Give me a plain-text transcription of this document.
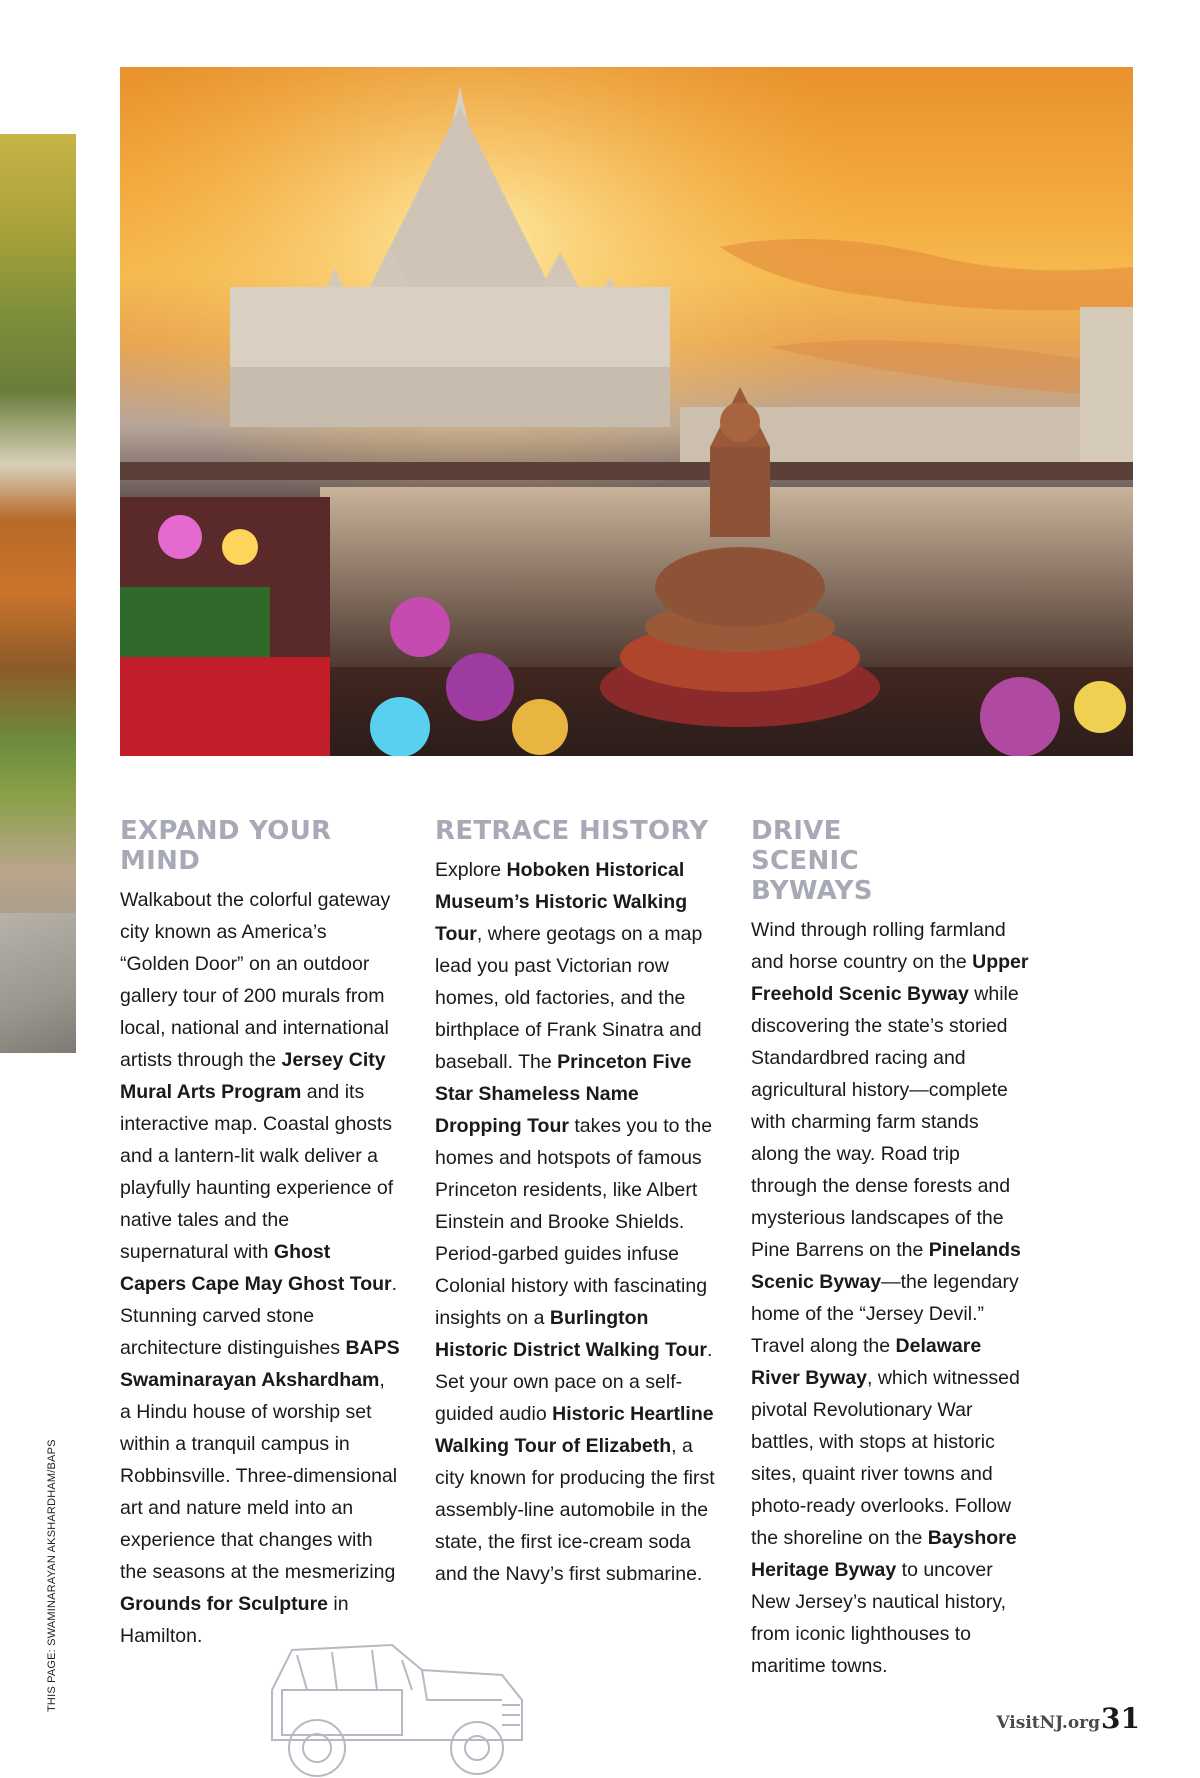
EXPAND YOUR MIND

Walkabout the colorful gateway city known as America’s “Golden Door” on an outdoor gallery tour of 200 murals from local, national and international artists through the Jersey City Mural Arts Program and its interactive map. Coastal ghosts and a lantern-lit walk deliver a playfully haunting experience of native tales and the supernatural with Ghost Capers Cape May Ghost Tour. Stunning carved stone architecture distinguishes BAPS Swaminarayan Akshardham, a Hindu house of worship set within a tranquil campus in Robbinsville. Three-dimensional art and nature meld into an experience that changes with the seasons at the mesmerizing Grounds for Sculpture in Hamilton.

RETRACE HISTORY

Explore Hoboken Historical Museum’s Historic Walking Tour, where geotags on a map lead you past Victorian row homes, old factories, and the birthplace of Frank Sinatra and baseball. The Princeton Five Star Shameless Name Dropping Tour takes you to the homes and hotspots of famous Princeton residents, like Albert Einstein and Brooke Shields. Period-garbed guides infuse Colonial history with fascinating insights on a Burlington Historic District Walking Tour. Set your own pace on a self-guided audio Historic Heartline Walking Tour of Elizabeth, a city known for producing the first assembly-line automobile in the state, the first ice-cream soda and the Navy’s first submarine.

DRIVE SCENIC BYWAYS

Wind through rolling farmland and horse country on the Upper Freehold Scenic Byway while discovering the state’s storied Standardbred racing and agricultural history—complete with charming farm stands along the way. Road trip through the dense forests and mysterious landscapes of the Pine Barrens on the Pinelands Scenic Byway—the legendary home of the “Jersey Devil.” Travel along the Delaware River Byway, which witnessed pivotal Revolutionary War battles, with stops at historic sites, quaint river towns and photo-ready overlooks. Follow the shoreline on the Bayshore Heritage Byway to uncover New Jersey’s nautical history, from iconic lighthouses to maritime towns.

THIS PAGE: SWAMINARAYAN AKSHARDHAM/BAPS
VisitNJ.org 31
